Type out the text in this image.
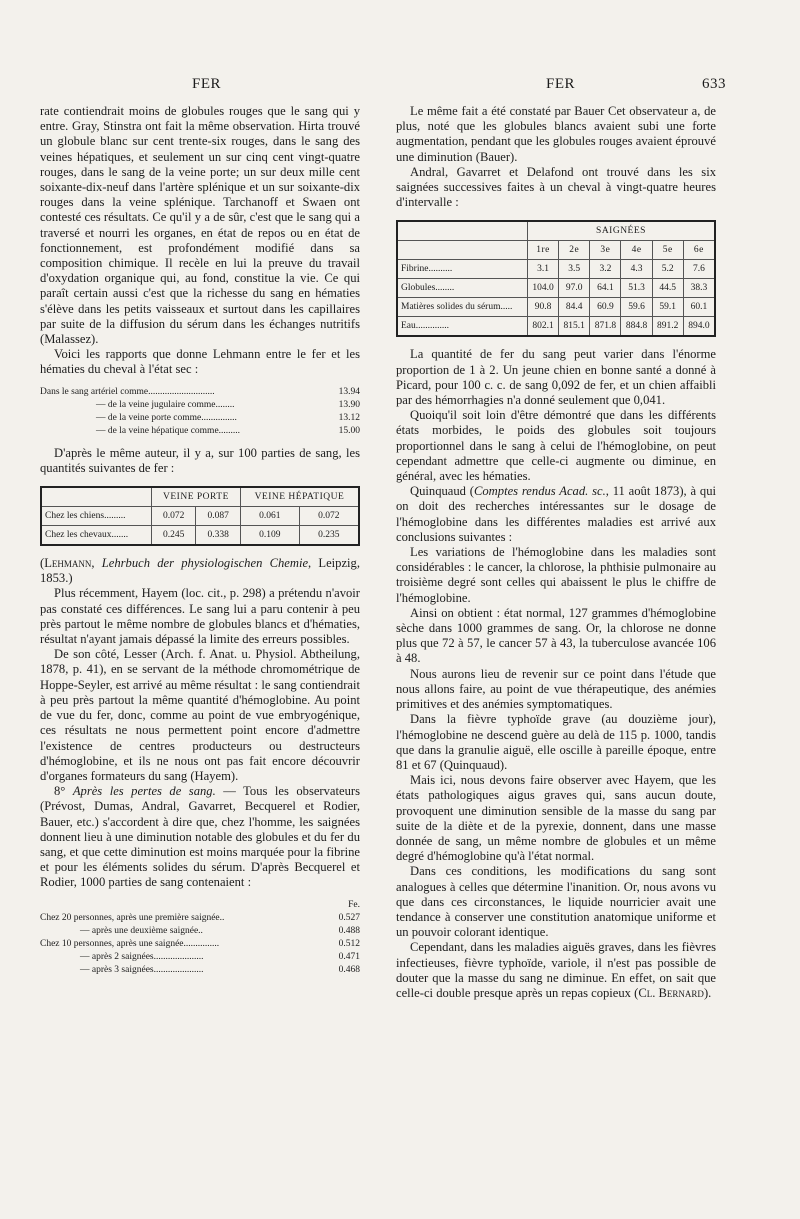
FER	FER	633

rate contiendrait moins de globules rouges que le sang qui y entre. Gray, Stinstra ont fait la même observation. Hirta trouvé un globule blanc sur cent trente-six rouges, dans le sang des veines hépatiques, et seulement un sur cinq cent vingt-quatre rouges, dans le sang de la veine porte; un sur deux mille cent soixante-dix-neuf dans l'artère splénique et un sur soixante-dix rouges dans la veine splénique. Tarchanoff et Swaen ont contesté ces résultats. Ce qu'il y a de sûr, c'est que le sang qui a traversé et nourri les organes, en état de repos ou en état de fonctionnement, est profondément modifié dans sa composition chimique. Il recèle en lui la preuve du travail d'oxydation organique qui, au fond, constitue la vie. Ce qui paraît certain aussi c'est que la richesse du sang en hématies s'élève dans les petits vaisseaux et surtout dans les capillaires par suite de la diffusion du sérum dans les échanges nutritifs (Malassez).

Voici les rapports que donne Lehmann entre le fer et les hématies du cheval à l'état sec :

Dans le sang artériel comme............................	13.94
— de la veine jugulaire comme........	13.90
— de la veine porte comme...............	13.12
— de la veine hépatique comme.........	15.00

D'après le même auteur, il y a, sur 100 parties de sang, les quantités suivantes de fer :

	VEINE PORTE		VEINE HÉPATIQUE	
Chez les chiens.........	0.072	0.087	0.061	0.072
Chez les chevaux.......	0.245	0.338	0.109	0.235

(Lehmann, Lehrbuch der physiologischen Chemie, Leipzig, 1853.)

Plus récemment, Hayem (loc. cit., p. 298) a prétendu n'avoir pas constaté ces différences. Le sang lui a paru contenir à peu près partout le même nombre de globules blancs et d'hématies, résultat n'ayant jamais dépassé la limite des erreurs possibles.

De son côté, Lesser (Arch. f. Anat. u. Physiol. Abtheilung, 1878, p. 41), en se servant de la méthode chromométrique de Hoppe-Seyler, est arrivé au même résultat : le sang contiendrait à peu près partout la même quantité d'hémoglobine. Au point de vue du fer, donc, comme au point de vue embryogénique, ces résultats ne nous permettent point encore d'admettre l'existence de centres producteurs ou destructeurs d'hémoglobine, et ils ne nous ont pas fait encore découvrir d'organes formateurs du sang (Hayem).

8° Après les pertes de sang. — Tous les observateurs (Prévost, Dumas, Andral, Gavarret, Becquerel et Rodier, Bauer, etc.) s'accordent à dire que, chez l'homme, les saignées donnent lieu à une diminution notable des globules et du fer du sang, et que cette diminution est moins marquée pour la fibrine et pour les éléments solides du sérum. D'après Becquerel et Rodier, 1000 parties de sang contenaient :

Fe.
Chez 20 personnes, après une première saignée..	0.527
— après une deuxième saignée..	0.488
Chez 10 personnes, après une saignée...............	0.512
— après 2 saignées.....................	0.471
— après 3 saignées.....................	0.468

Le même fait a été constaté par Bauer Cet observateur a, de plus, noté que les globules blancs avaient subi une forte augmentation, pendant que les globules rouges avaient éprouvé une diminution (Bauer).

Andral, Gavarret et Delafond ont trouvé dans les six saignées successives faites à un cheval à vingt-quatre heures d'intervalle :

	SAIGNÉES					
	1re	2e	3e	4e	5e	6e
Fibrine..........	3.1	3.5	3.2	4.3	5.2	7.6
Globules........	104.0	97.0	64.1	51.3	44.5	38.3
Matières solides du sérum.....	90.8	84.4	60.9	59.6	59.1	60.1
Eau..............	802.1	815.1	871.8	884.8	891.2	894.0

La quantité de fer du sang peut varier dans l'énorme proportion de 1 à 2. Un jeune chien en bonne santé a donné à Picard, pour 100 c. c. de sang 0,092 de fer, et un chien affaibli par des hémorrhagies n'a donné seulement que 0,041.

Quoiqu'il soit loin d'être démontré que dans les différents états morbides, le poids des globules soit toujours proportionnel dans le sang à celui de l'hémoglobine, on peut cependant admettre que celle-ci augmente ou diminue, en général, avec les hématies.

Quinquaud (Comptes rendus Acad. sc., 11 août 1873), à qui on doit des recherches intéressantes sur le dosage de l'hémoglobine dans les différentes maladies est arrivé aux conclusions suivantes :

Les variations de l'hémoglobine dans les maladies sont considérables : le cancer, la chlorose, la phthisie pulmonaire au troisième degré sont celles qui abaissent le plus le chiffre de l'hémoglobine.

Ainsi on obtient : état normal, 127 grammes d'hémoglobine sèche dans 1000 grammes de sang. Or, la chlorose ne donne plus que 72 à 57, le cancer 57 à 43, la tuberculose avancée 106 à 48.

Nous aurons lieu de revenir sur ce point dans l'étude que nous allons faire, au point de vue thérapeutique, des anémies primitives et des anémies symptomatiques.

Dans la fièvre typhoïde grave (au douzième jour), l'hémoglobine ne descend guère au delà de 115 p. 1000, tandis que dans la granulie aiguë, elle oscille à pareille époque, entre 81 et 67 (Quinquaud).

Mais ici, nous devons faire observer avec Hayem, que les états pathologiques aigus graves qui, sans aucun doute, provoquent une diminution sensible de la masse du sang par suite de la diète et de la pyrexie, donnent, dans une masse donnée de sang, un même nombre de globules et un même degré d'hémoglobine qu'à l'état normal.

Dans ces conditions, les modifications du sang sont analogues à celles que détermine l'inanition. Or, nous avons vu que dans ces circonstances, le liquide nourricier avait une tendance à conserver une constitution anatomique uniforme et un pouvoir colorant identique.

Cependant, dans les maladies aiguës graves, dans les fièvres infectieuses, fièvre typhoïde, variole, il n'est pas possible de douter que la masse du sang ne diminue. En effet, on sait que celle-ci double presque après un repas copieux (Cl. Bernard).
